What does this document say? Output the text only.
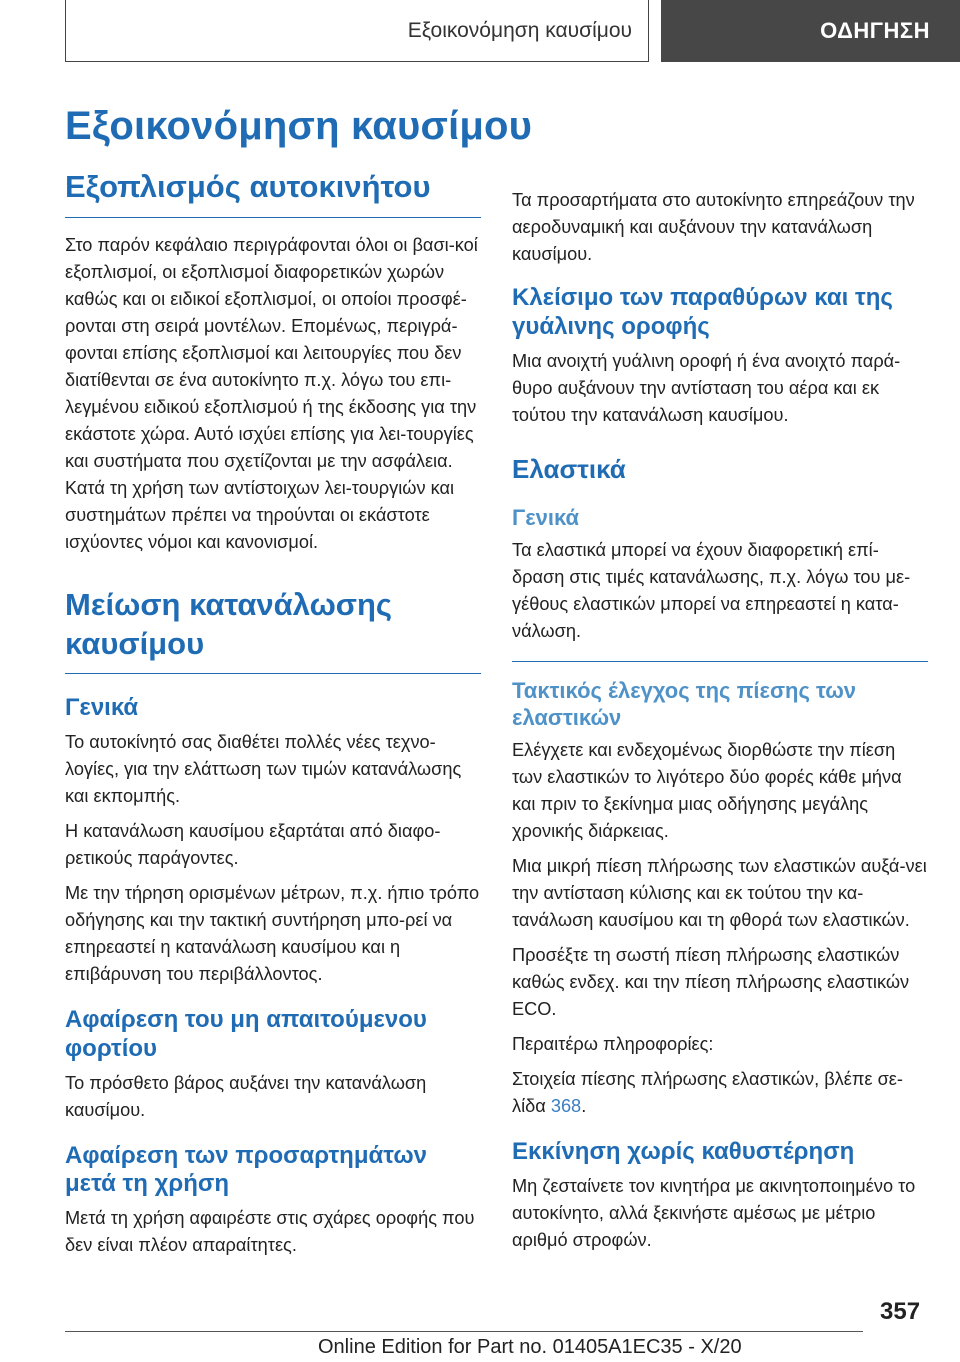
Εξοικονόμηση καυσίμου	ΟΔΗΓΗΣΗ
Εξοικονόμηση καυσίμου
Εξοπλισμός αυτοκινήτου

Στο παρόν κεφάλαιο περιγράφονται όλοι οι βασι-κοί εξοπλισμοί, οι εξοπλισμοί διαφορετικών χωρών καθώς και οι ειδικοί εξοπλισμοί, οι οποίοι προσφέ-ρονται στη σειρά μοντέλων. Επομένως, περιγρά-φονται επίσης εξοπλισμοί και λειτουργίες που δεν διατίθενται σε ένα αυτοκίνητο π.χ. λόγω του επι-λεγμένου ειδικού εξοπλισμού ή της έκδοσης για την εκάστοτε χώρα. Αυτό ισχύει επίσης για λει-τουργίες και συστήματα που σχετίζονται με την ασφάλεια. Κατά τη χρήση των αντίστοιχων λει-τουργιών και συστημάτων πρέπει να τηρούνται οι εκάστοτε ισχύοντες νόμοι και κανονισμοί.

Μείωση κατανάλωσης καυσίμου
Γενικά

Το αυτοκίνητό σας διαθέτει πολλές νέες τεχνο-λογίες, για την ελάττωση των τιμών κατανάλωσης και εκπομπής.

Η κατανάλωση καυσίμου εξαρτάται από διαφο-ρετικούς παράγοντες.

Με την τήρηση ορισμένων μέτρων, π.χ. ήπιο τρόπο οδήγησης και την τακτική συντήρηση μπο-ρεί να επηρεαστεί η κατανάλωση καυσίμου και η επιβάρυνση του περιβάλλοντος.

Αφαίρεση του μη απαιτούμενου φορτίου

Το πρόσθετο βάρος αυξάνει την κατανάλωση καυσίμου.

Αφαίρεση των προσαρτημάτων μετά τη χρήση

Μετά τη χρήση αφαιρέστε στις σχάρες οροφής που δεν είναι πλέον απαραίτητες.

Τα προσαρτήματα στο αυτοκίνητο επηρεάζουν την αεροδυναμική και αυξάνουν την κατανάλωση καυσίμου.

Κλείσιμο των παραθύρων και της γυάλινης οροφής

Μια ανοιχτή γυάλινη οροφή ή ένα ανοιχτό παρά-θυρο αυξάνουν την αντίσταση του αέρα και εκ τούτου την κατανάλωση καυσίμου.

Ελαστικά
Γενικά

Τα ελαστικά μπορεί να έχουν διαφορετική επί-δραση στις τιμές κατανάλωσης, π.χ. λόγω του με-γέθους ελαστικών μπορεί να επηρεαστεί η κατα-νάλωση.

Τακτικός έλεγχος της πίεσης των ελαστικών

Ελέγχετε και ενδεχομένως διορθώστε την πίεση των ελαστικών το λιγότερο δύο φορές κάθε μήνα και πριν το ξεκίνημα μιας οδήγησης μεγάλης χρονικής διάρκειας.

Μια μικρή πίεση πλήρωσης των ελαστικών αυξά-νει την αντίσταση κύλισης και εκ τούτου την κα-τανάλωση καυσίμου και τη φθορά των ελαστικών.

Προσέξτε τη σωστή πίεση πλήρωσης ελαστικών καθώς ενδεχ. και την πίεση πλήρωσης ελαστικών ECO.

Περαιτέρω πληροφορίες:

Στοιχεία πίεσης πλήρωσης ελαστικών, βλέπε σε-λίδα 368.

Εκκίνηση χωρίς καθυστέρηση

Μη ζεσταίνετε τον κινητήρα με ακινητοποιημένο το αυτοκίνητο, αλλά ξεκινήστε αμέσως με μέτριο αριθμό στροφών.

357
Online Edition for Part no. 01405A1EC35 - X/20
